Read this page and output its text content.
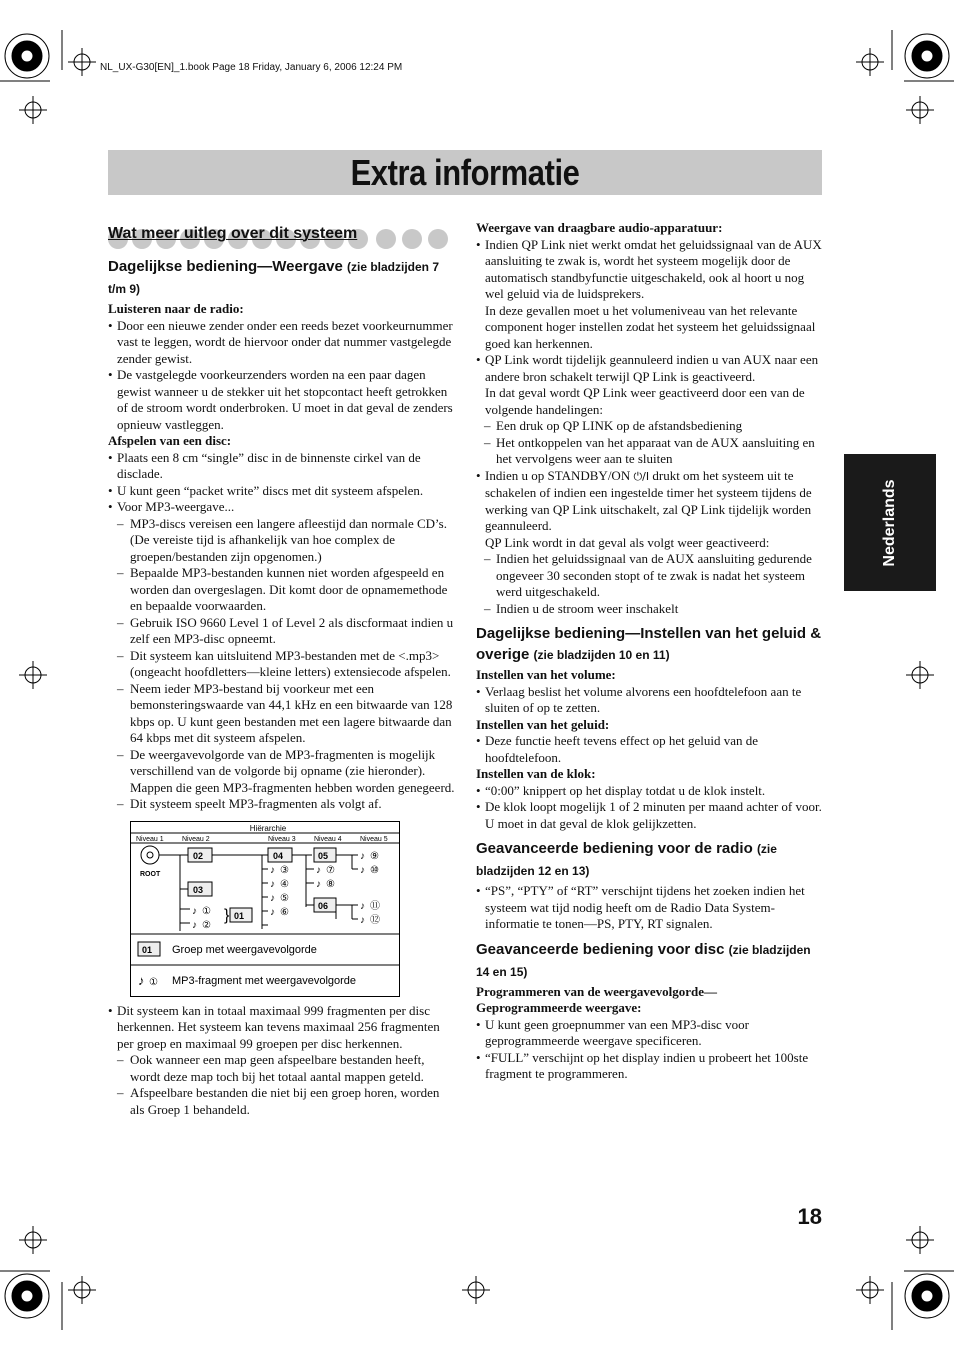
NL_UX-G30[EN]_1.book Page 18 Friday, January 6, 2006 12:24 PM
Extra informatie
Nederlands
18
Wat meer uitleg over dit systeem
Dagelijkse bediening—Weergave (zie bladzijden 7 t/m 9)
Luisteren naar de radio:
• Door een nieuwe zender onder een reeds bezet voorkeurnummer vast te leggen, wordt de hiervoor onder dat nummer vastgelegde zender gewist.
• De vastgelegde voorkeurzenders worden na een paar dagen gewist wanneer u de stekker uit het stopcontact heeft getrokken of de stroom wordt onderbroken. U moet in dat geval de zenders opnieuw vastleggen.
Afspelen van een disc:
• Plaats een 8 cm “single” disc in de binnenste cirkel van de disclade.
• U kunt geen “packet write” discs met dit systeem afspelen.
• Voor MP3-weergave...
– MP3-discs vereisen een langere afleestijd dan normale CD’s. (De vereiste tijd is afhankelijk van hoe complex de groepen/bestanden zijn opgenomen.)
– Bepaalde MP3-bestanden kunnen niet worden afgespeeld en worden dan overgeslagen. Dit komt door de opnamemethode en bepaalde voorwaarden.
– Gebruik ISO 9660 Level 1 of Level 2 als discformaat indien u zelf een MP3-disc opneemt.
– Dit systeem kan uitsluitend MP3-bestanden met de <.mp3> (ongeacht hoofdletters—kleine letters) extensiecode afspelen.
– Neem ieder MP3-bestand bij voorkeur met een bemonsteringswaarde van 44,1 kHz en een bitwaarde van 128 kbps op. U kunt geen bestanden met een lagere bitwaarde dan 64 kbps met dit systeem afspelen.
– De weergavevolgorde van de MP3-fragmenten is mogelijk verschillend van de volgorde bij opname (zie hieronder). Mappen die geen MP3-fragmenten hebben worden genegeerd.
– Dit systeem speelt MP3-fragmenten als volgt af.
Hiërarchie
Niveau 1	Niveau 2	Niveau 3	Niveau 4	Niveau 5
ROOT
02
03
04	05
06
01
}
♪ ①
♪ ②
♪ ③
♪ ④
♪ ⑤
♪ ⑥
♪ ⑦
♪ ⑧
♪ ⑨
♪ ⑩
♪ ⑪
♪ ⑫
01 Groep met weergavevolgorde
♪ ① MP3-fragment met weergavevolgorde
• Dit systeem kan in totaal maximaal 999 fragmenten per disc herkennen. Het systeem kan tevens maximaal 256 fragmenten per groep en maximaal 99 groepen per disc herkennen.
– Ook wanneer een map geen afspeelbare bestanden heeft, wordt deze map toch bij het totaal aantal mappen geteld.
– Afspeelbare bestanden die niet bij een groep horen, worden als Groep 1 behandeld.
Weergave van draagbare audio-apparatuur:
• Indien QP Link niet werkt omdat het geluidssignaal van de AUX aansluiting te zwak is, wordt het systeem mogelijk door de automatisch standbyfunctie uitgeschakeld, ook al hoort u nog wel geluid via de luidsprekers.
In deze gevallen moet u het volumeniveau van het relevante component hoger instellen zodat het systeem het geluidssignaal goed kan herkennen.
• QP Link wordt tijdelijk geannuleerd indien u van AUX naar een andere bron schakelt terwijl QP Link is geactiveerd.
In dat geval wordt QP Link weer geactiveerd door een van de volgende handelingen:
– Een druk op QP LINK op de afstandsbediening
– Het ontkoppelen van het apparaat van de AUX aansluiting en het vervolgens weer aan te sluiten
• Indien u op STANDBY/ON ⏻/I drukt om het systeem uit te schakelen of indien een ingestelde timer het systeem tijdens de werking van QP Link uitschakelt, zal QP Link tijdelijk worden geannuleerd.
QP Link wordt in dat geval als volgt weer geactiveerd:
– Indien het geluidssignaal van de AUX aansluiting gedurende ongeveer 30 seconden stopt of te zwak is nadat het systeem werd uitgeschakeld.
– Indien u de stroom weer inschakelt
Dagelijkse bediening—Instellen van het geluid & overige (zie bladzijden 10 en 11)
Instellen van het volume:
• Verlaag beslist het volume alvorens een hoofdtelefoon aan te sluiten of op te zetten.
Instellen van het geluid:
• Deze functie heeft tevens effect op het geluid van de hoofdtelefoon.
Instellen van de klok:
• “0:00” knippert op het display totdat u de klok instelt.
• De klok loopt mogelijk 1 of 2 minuten per maand achter of voor. U moet in dat geval de klok gelijkzetten.
Geavanceerde bediening voor de radio (zie bladzijden 12 en 13)
• “PS”, “PTY” of “RT” verschijnt tijdens het zoeken indien het systeem wat tijd nodig heeft om de Radio Data System-informatie te tonen—PS, PTY, RT signalen.
Geavanceerde bediening voor disc (zie bladzijden 14 en 15)
Programmeren van de weergavevolgorde—
Geprogrammeerde weergave:
• U kunt geen groepnummer van een MP3-disc voor geprogrammeerde weergave specificeren.
• “FULL” verschijnt op het display indien u probeert het 100ste fragment te programmeren.
